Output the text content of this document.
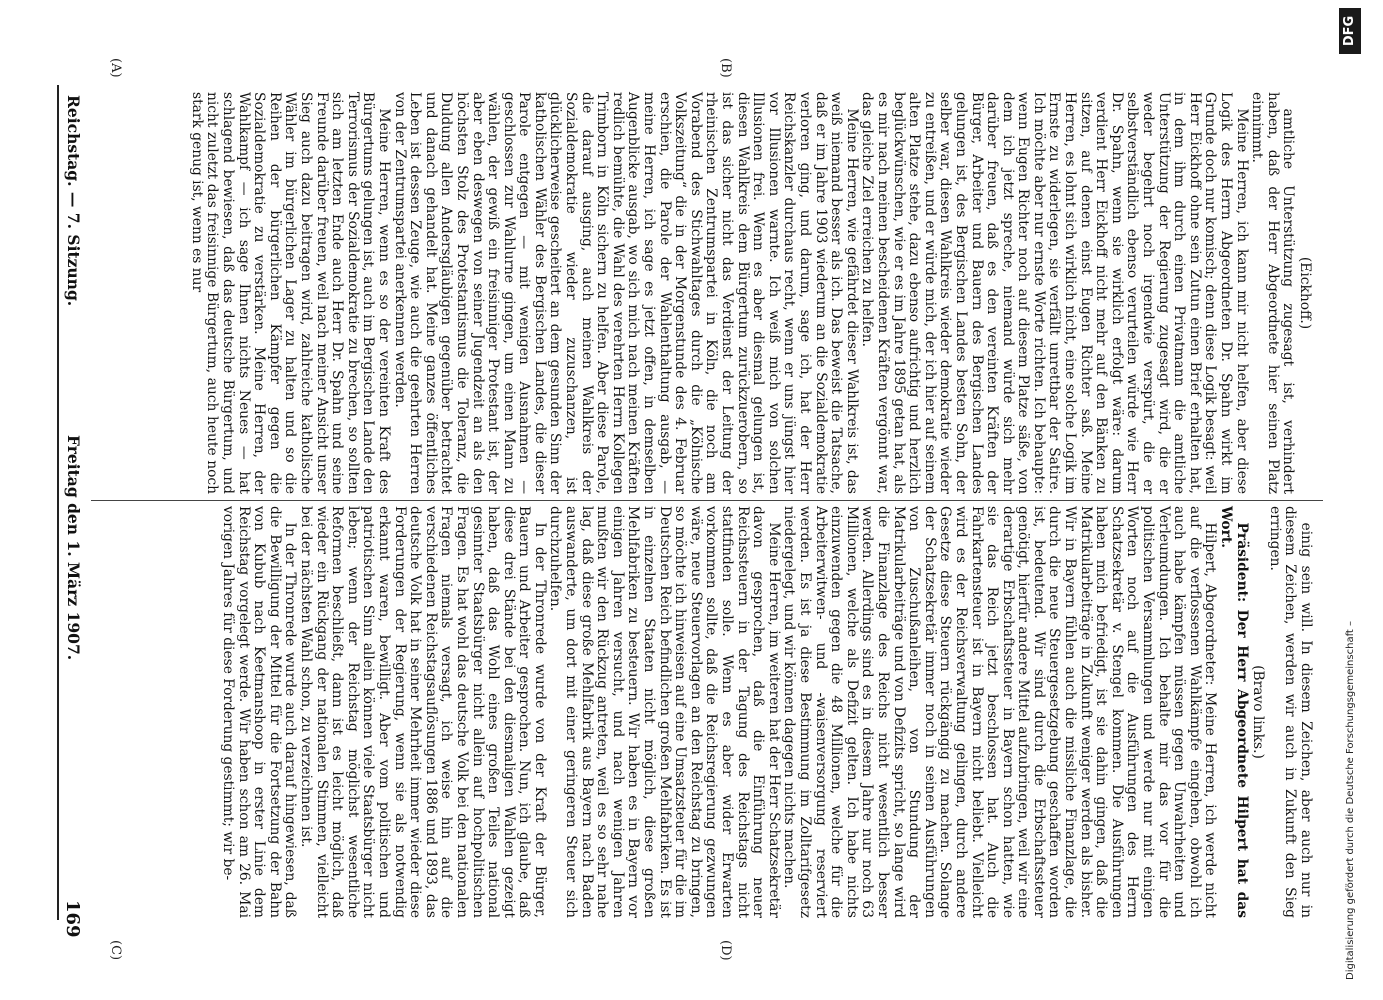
Reichstag. — 7. Sitzung.
Freitag den 1. März 1907.
169
(A)	(B)
(C)	(D)

(Eickhoff.)

amtliche Unterstützung zugesagt ist, verhindert haben, daß der Herr Abgeordnete hier seinen Platz einnimmt.

Meine Herren, ich kann mir nicht helfen, aber diese Logik des Herrn Abgeordneten Dr. Spahn wirkt im Grunde doch nur komisch; denn diese Logik besagt: weil Herr Eickhoff ohne sein Zutun einen Brief erhalten hat, in dem ihm durch einen Privatmann die amtliche Unterstützung der Regierung zugesagt wird, die er weder begehrt noch irgendwie verspürt, die er selbstverständlich ebenso verurteilen würde wie Herr Dr. Spahn, wenn sie wirklich erfolgt wäre: darum verdient Herr Eickhoff nicht mehr auf den Bänken zu sitzen, auf denen einst Eugen Richter saß. Meine Herren, es lohnt sich wirklich nicht, eine solche Logik im Ernste zu widerlegen, sie verfällt unrettbar der Satire. Ich möchte aber nur ernste Worte richten. Ich behaupte: wenn Eugen Richter noch auf diesem Platze säße, von dem ich jetzt spreche, niemand würde sich mehr darüber freuen, daß es den vereinten Kräften der Bürger, Arbeiter und Bauern des Bergischen Landes gelungen ist, des Bergischen Landes besten Sohn, der selber war, diesen Wahlkreis wieder demokratie wieder zu entreißen, und er würde mich, der ich hier auf seinem alten Platze stehe, dazu ebenso aufrichtig und herzlich beglückwünschen, wie er es im Jahre 1895 getan hat, als es mir nach meinen bescheidenen Kräften vergönnt war, das gleiche Ziel erreichen zu helfen.

Meine Herren, wie gefährdet dieser Wahlkreis ist, das weiß niemand besser als ich. Das beweist die Tatsache, daß er im Jahre 1903 wiederum an die Sozialdemokratie verloren ging, und darum, sage ich, hat der Herr Reichskanzler durchaus recht, wenn er uns jüngst hier vor Illusionen warnte. Ich weiß mich von solchen Illusionen frei. Wenn es aber diesmal gelungen ist, diesen Wahlkreis dem Bürgertum zurückzuerobern, so ist das sicher nicht das Verdienst der Leitung der rheinischen Zentrumspartei in Köln, die noch am Vorabend des Stichwahltages durch die „Kölnische Volkszeitung“ die in der Morgenstunde des 4. Februar erschien, die Parole der Wahlenthaltung ausgab, — meine Herren, ich sage es jetzt offen, in demselben Augenblicke ausgab, wo sich mich nach meinen Kräften redlich bemühte, die Wahl des verehrten Herrn Kollegen Trimborn in Köln sichern zu helfen. Aber diese Parole, die darauf ausging, auch meinen Wahlkreis der Sozialdemokratie wieder zuzuschanzen, ist glücklicherweise gescheitert an dem gesunden Sinn der katholischen Wähler des Bergischen Landes, die dieser Parole entgegen — mit wenigen Ausnahmen — geschlossen zur Wahlurne gingen, um einen Mann zu wählen, der gewiß ein freisinniger Protestant ist, der aber eben deswegen von seiner Jugendzeit an als den höchsten Stolz des Protestantismus die Toleranz, die Duldung allen Andersgläubigen gegenüber betrachtet und danach gehandelt hat. Meine ganzes öffentliches Leben ist dessen Zeuge, wie auch die geehrten Herren von der Zentrumspartei anerkennen werden.

Meine Herren, wenn es so der vereinten Kraft des Bürgertums gelungen ist, auch im Bergischen Lande den Terrorismus der Sozialdemokratie zu brechen, so sollten sich am letzten Ende auch Herr Dr. Spahn und seine Freunde darüber freuen, weil nach meiner Ansicht unser Sieg auch dazu beitragen wird, zahlreiche katholische Wähler im bürgerlichen Lager zu halten und so die Reihen der bürgerlichen Kämpfer gegen die Sozialdemokratie zu verstärken. Meine Herren, der Wahlkampf — ich sage Ihnen nichts Neues — hat schlagend bewiesen, daß das deutsche Bürgertum, und nicht zuletzt das freisinnige Bürgertum, auch heute noch stark genug ist, wenn es nur

einig sein will. In diesem Zeichen, aber auch nur in diesem Zeichen, werden wir auch in Zukunft den Sieg erringen.

(Bravo links.)

Präsident: Der Herr Abgeordnete Hilpert hat das Wort.

Hilpert, Abgeordneter: Meine Herren, ich werde nicht auf die verflossenen Wahlkämpfe eingehen, obwohl ich auch habe kämpfen müssen gegen Unwahrheiten und Verleumdungen. Ich behalte mir das vor für die politischen Versammlungen und werde nur mit einigen Worten noch auf die Ausführungen des Herrn Schatzsekretär v. Stengel kommen. Die Ausführungen haben mich befriedigt, ist sie dahin gingen, daß die Matrikularbeiträge in Zukunft weniger werden als bisher. Wir in Bayern fühlen auch die missliche Finanzlage, die durch die neue Steuergesetzgebung geschaffen worden ist, bedeutend. Wir sind durch die Erbschaftssteuer genötigt, hierfür andere Mittel aufzubringen, weil wir eine derartige Erbschaftssteuer in Bayern schon hatten, wie sie das Reich jetzt beschlossen hat. Auch die Fahrkartensteuer ist in Bayern nicht beliebt. Vielleicht wird es der Reichsverwaltung gelingen, durch andere Gesetze diese Steuern rückgängig zu machen. Solange der Schatzsekretär immer noch in seinen Ausführungen von Zuschußanleihen, von Stundung der Matrikularbeiträge und von Defizits spricht, so lange wird die Finanzlage des Reichs nicht wesentlich besser werden. Allerdings sind es in diesem Jahre nur noch 63 Millionen, welche als Defizit gelten. Ich habe nichts einzuwenden gegen die 48 Millionen, welche für die Arbeiterwitwen- und -waisenversorgung reserviert werden. Es ist ja diese Bestimmung im Zolltarifgesetz niedergelegt, und wir können dagegen nichts machen.

Meine Herren, im weiteren hat der Herr Schatzsekretär davon gesprochen, daß die Einführung neuer Reichssteuern in der Tagung des Reichstags nicht stattfinden solle. Wenn es aber wider Erwarten vorkommen sollte, daß die Reichsregierung gezwungen wäre, neue Steuervorlagen an den Reichstag zu bringen, so möchte ich hinweisen auf eine Umsatzsteuer für die im Deutschen Reich befindlichen großen Mehlfabriken. Es ist in einzelnen Staaten nicht möglich, diese großen Mehlfabriken zu besteuern. Wir haben es in Bayern vor einigen Jahren versucht, und nach wenigen Jahren mußten wir den Rückzug antreten, weil es so sehr nahe lag, daß diese große Mehlfabrik aus Bayern nach Baden auswanderte, um dort mit einer geringeren Steuer sich durchzuhelfen.

In der Thronrede wurde von der Kraft der Bürger, Bauern und Arbeiter gesprochen. Nun, ich glaube, daß diese drei Stände bei den diesmaligen Wahlen gezeigt haben, daß das Wohl eines großen Teiles national gesinnter Staatsbürger nicht allein auf hochpolitischen Fragen. Es hat wohl das deutsche Volk bei den nationalen Fragen niemals versagt, ich weise hin auf die verschiedenen Reichstagsauflösungen 1886 und 1893, das deutsche Volk hat in seiner Mehrheit immer wieder diese Forderungen der Regierung, wenn sie als notwendig erkannt waren, bewilligt. Aber vom politischen und patriotischen Sinn allein können viele Staatsbürger nicht leben; wenn der Reichstag möglichst wesentliche Reformen beschließt, dann ist es leicht möglich, daß wieder ein Rückgang der nationalen Stimmen, vielleicht bei der nächsten Wahl schon, zu verzeichnen ist.

In der Thronrede wurde auch darauf hingewiesen, daß die Bewilligung der Mittel für die Fortsetzung der Bahn von Kubub nach Keetmanshoop in erster Linie dem Reichstag vorgelegt werde. Wir haben schon am 26. Mai vorigen Jahres für diese Forderung gestimmt; wir be-	Digitalisierung gefördert durch die Deutsche Forschungsgemeinschaft –
DFG
